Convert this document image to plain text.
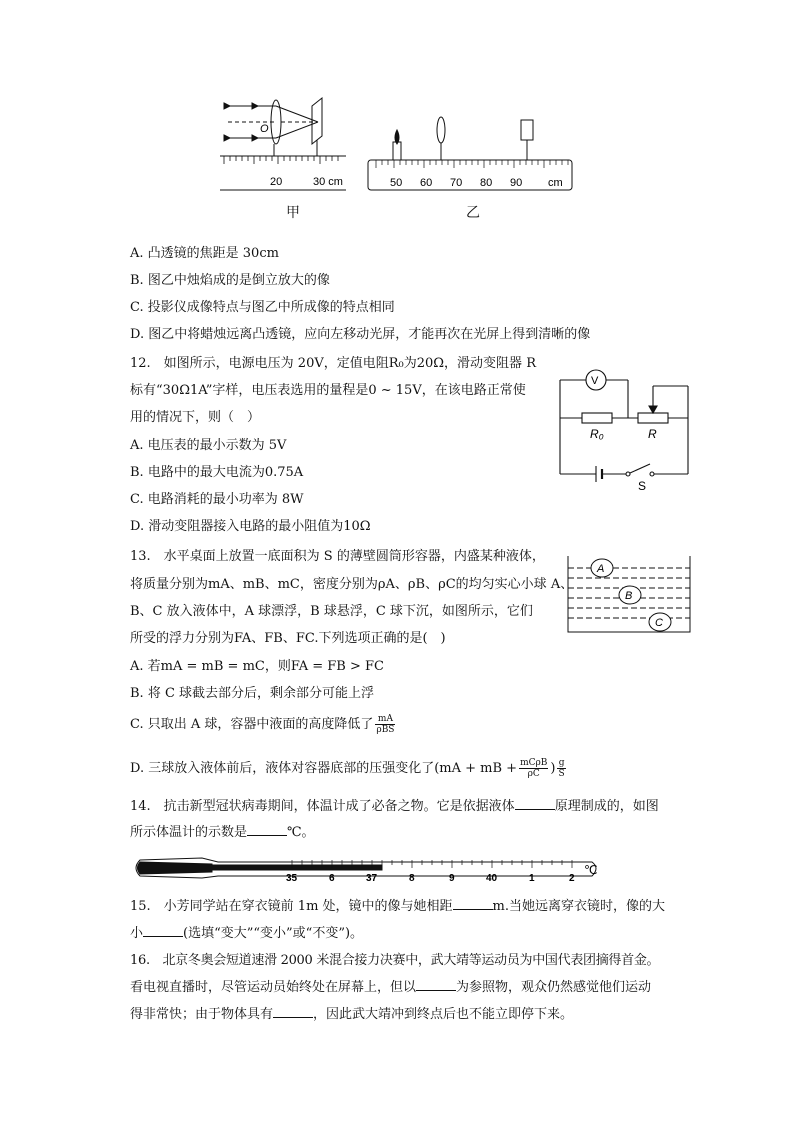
O
20	30 cm
甲
50 60 70 80 90 cm
乙
A. 凸透镜的焦距是 30cm
B. 图乙中烛焰成的是倒立放大的像
C. 投影仪成像特点与图乙中所成像的特点相同
D. 图乙中将蜡烛远离凸透镜，应向左移动光屏，才能再次在光屏上得到清晰的像
12.　如图所示，电源电压为 20V，定值电阻R₀为20Ω，滑动变阻器 R
标有“30Ω1A”字样，电压表选用的量程是0 ~ 15V，在该电路正常使
用的情况下，则（　）
A. 电压表的最小示数为 5V
B. 电路中的最大电流为0.75A
C. 电路消耗的最小功率为 8W
D. 滑动变阻器接入电路的最小阻值为10Ω
V
R₀	R
S
13.　水平桌面上放置一底面积为 S 的薄壁圆筒形容器，内盛某种液体，
将质量分别为mA、mB、mC，密度分别为ρA、ρB、ρC的均匀实心小球 A、
B、C 放入液体中，A 球漂浮，B 球悬浮，C 球下沉，如图所示，它们
所受的浮力分别为FA、FB、FC.下列选项正确的是(　)
A. 若mA = mB = mC，则FA = FB > FC
B. 将 C 球截去部分后，剩余部分可能上浮
C. 只取出 A 球，容器中液面的高度降低了 $\frac{mA}{\text{ρBS}}$
D. 三球放入液体前后，液体对容器底部的压强变化了(mA + mB + $\frac{\text{mCρB}}{\rho C}$ ) $\frac{g}{S}$
A
B
C
14.　抗击新型冠状病毒期间，体温计成了必备之物。它是依据液体	原理制成的，如图
所示体温计的示数是	℃。
35	6	37	8	9	40	1	2
℃
15.　小芳同学站在穿衣镜前 1m 处，镜中的像与她相距	m.当她远离穿衣镜时，像的大
小	(选填“变大”“变小”或“不变”)。
16.　北京冬奥会短道速滑 2000 米混合接力决赛中，武大靖等运动员为中国代表团摘得首金。
看电视直播时，尽管运动员始终处在屏幕上，但以	为参照物，观众仍然感觉他们运动
得非常快；由于物体具有	，因此武大靖冲到终点后也不能立即停下来。
